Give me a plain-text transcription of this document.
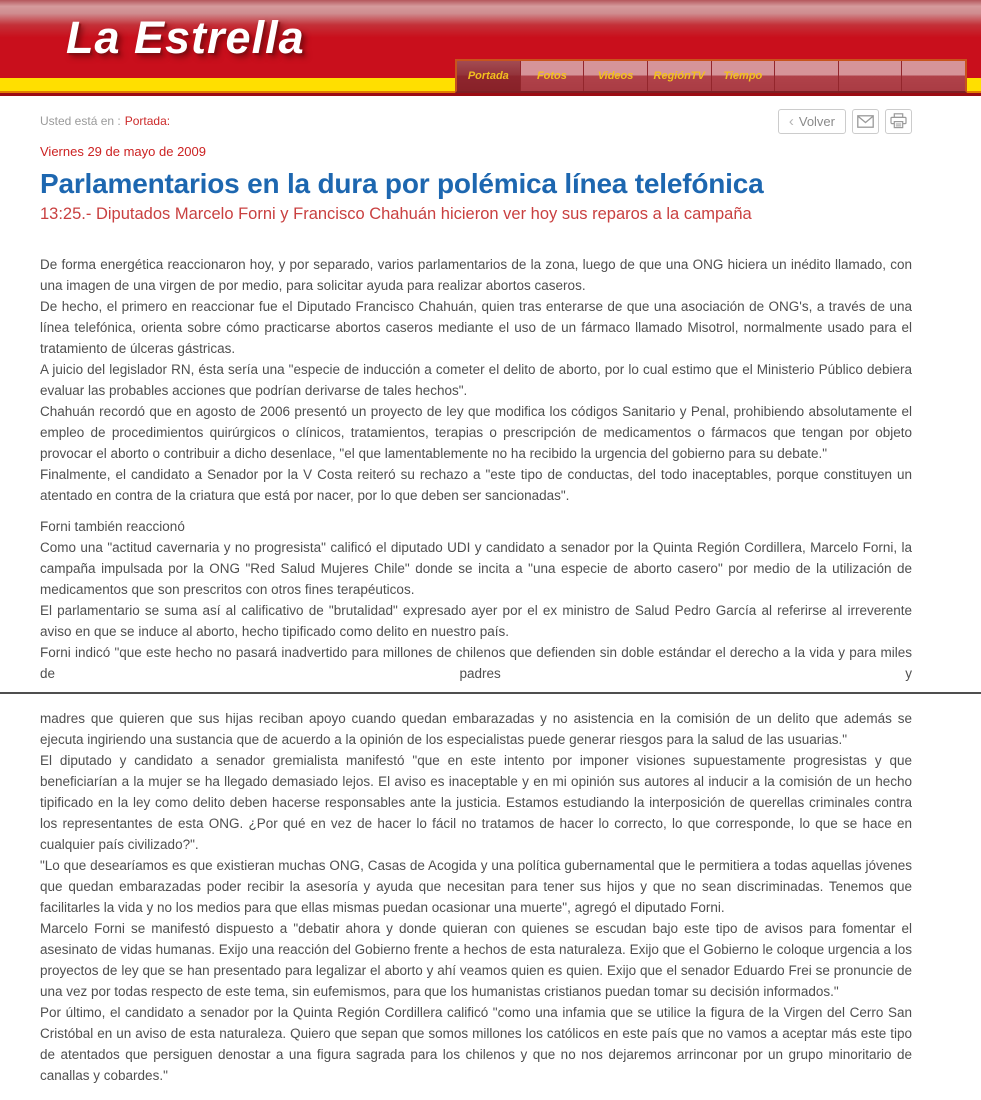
La Estrella
Portada	Fotos	Videos RegiónTV Tiempo
Usted está en : Portada:	‹ Volver
Viernes 29 de mayo de 2009
Parlamentarios en la dura por polémica línea telefónica
13:25.- Diputados Marcelo Forni y Francisco Chahuán hicieron ver hoy sus reparos a la campaña

De forma energética reaccionaron hoy, y por separado, varios parlamentarios de la zona, luego de que una ONG hiciera un inédito llamado, con una imagen de una virgen de por medio, para solicitar ayuda para realizar abortos caseros.

De hecho, el primero en reaccionar fue el Diputado Francisco Chahuán, quien tras enterarse de que una asociación de ONG's, a través de una línea telefónica, orienta sobre cómo practicarse abortos caseros mediante el uso de un fármaco llamado Misotrol, normalmente usado para el tratamiento de úlceras gástricas.

A juicio del legislador RN, ésta sería una "especie de inducción a cometer el delito de aborto, por lo cual estimo que el Ministerio Público debiera evaluar las probables acciones que podrían derivarse de tales hechos".

Chahuán recordó que en agosto de 2006 presentó un proyecto de ley que modifica los códigos Sanitario y Penal, prohibiendo absolutamente el empleo de procedimientos quirúrgicos o clínicos, tratamientos, terapias o prescripción de medicamentos o fármacos que tengan por objeto provocar el aborto o contribuir a dicho desenlace, "el que lamentablemente no ha recibido la urgencia del gobierno para su debate."

Finalmente, el candidato a Senador por la V Costa reiteró su rechazo a "este tipo de conductas, del todo inaceptables, porque constituyen un atentado en contra de la criatura que está por nacer, por lo que deben ser sancionadas".

Forni también reaccionó

Como una "actitud cavernaria y no progresista" calificó el diputado UDI y candidato a senador por la Quinta Región Cordillera, Marcelo Forni, la campaña impulsada por la ONG "Red Salud Mujeres Chile" donde se incita a "una especie de aborto casero" por medio de la utilización de medicamentos que son prescritos con otros fines terapéuticos.

El parlamentario se suma así al calificativo de "brutalidad" expresado ayer por el ex ministro de Salud Pedro García al referirse al irreverente aviso en que se induce al aborto, hecho tipificado como delito en nuestro país.

Forni indicó "que este hecho no pasará inadvertido para millones de chilenos que defienden sin doble estándar el derecho a la vida y para miles de padres y

madres que quieren que sus hijas reciban apoyo cuando quedan embarazadas y no asistencia en la comisión de un delito que además se ejecuta ingiriendo una sustancia que de acuerdo a la opinión de los especialistas puede generar riesgos para la salud de las usuarias."

El diputado y candidato a senador gremialista manifestó "que en este intento por imponer visiones supuestamente progresistas y que beneficiarían a la mujer se ha llegado demasiado lejos. El aviso es inaceptable y en mi opinión sus autores al inducir a la comisión de un hecho tipificado en la ley como delito deben hacerse responsables ante la justicia. Estamos estudiando la interposición de querellas criminales contra los representantes de esta ONG. ¿Por qué en vez de hacer lo fácil no tratamos de hacer lo correcto, lo que corresponde, lo que se hace en cualquier país civilizado?".

"Lo que desearíamos es que existieran muchas ONG, Casas de Acogida y una política gubernamental que le permitiera a todas aquellas jóvenes que quedan embarazadas poder recibir la asesoría y ayuda que necesitan para tener sus hijos y que no sean discriminadas. Tenemos que facilitarles la vida y no los medios para que ellas mismas puedan ocasionar una muerte", agregó el diputado Forni.

Marcelo Forni se manifestó dispuesto a "debatir ahora y donde quieran con quienes se escudan bajo este tipo de avisos para fomentar el asesinato de vidas humanas. Exijo una reacción del Gobierno frente a hechos de esta naturaleza. Exijo que el Gobierno le coloque urgencia a los proyectos de ley que se han presentado para legalizar el aborto y ahí veamos quien es quien. Exijo que el senador Eduardo Frei se pronuncie de una vez por todas respecto de este tema, sin eufemismos, para que los humanistas cristianos puedan tomar su decisión informados."

Por último, el candidato a senador por la Quinta Región Cordillera calificó "como una infamia que se utilice la figura de la Virgen del Cerro San Cristóbal en un aviso de esta naturaleza. Quiero que sepan que somos millones los católicos en este país que no vamos a aceptar más este tipo de atentados que persiguen denostar a una figura sagrada para los chilenos y que no nos dejaremos arrinconar por un grupo minoritario de canallas y cobardes."
